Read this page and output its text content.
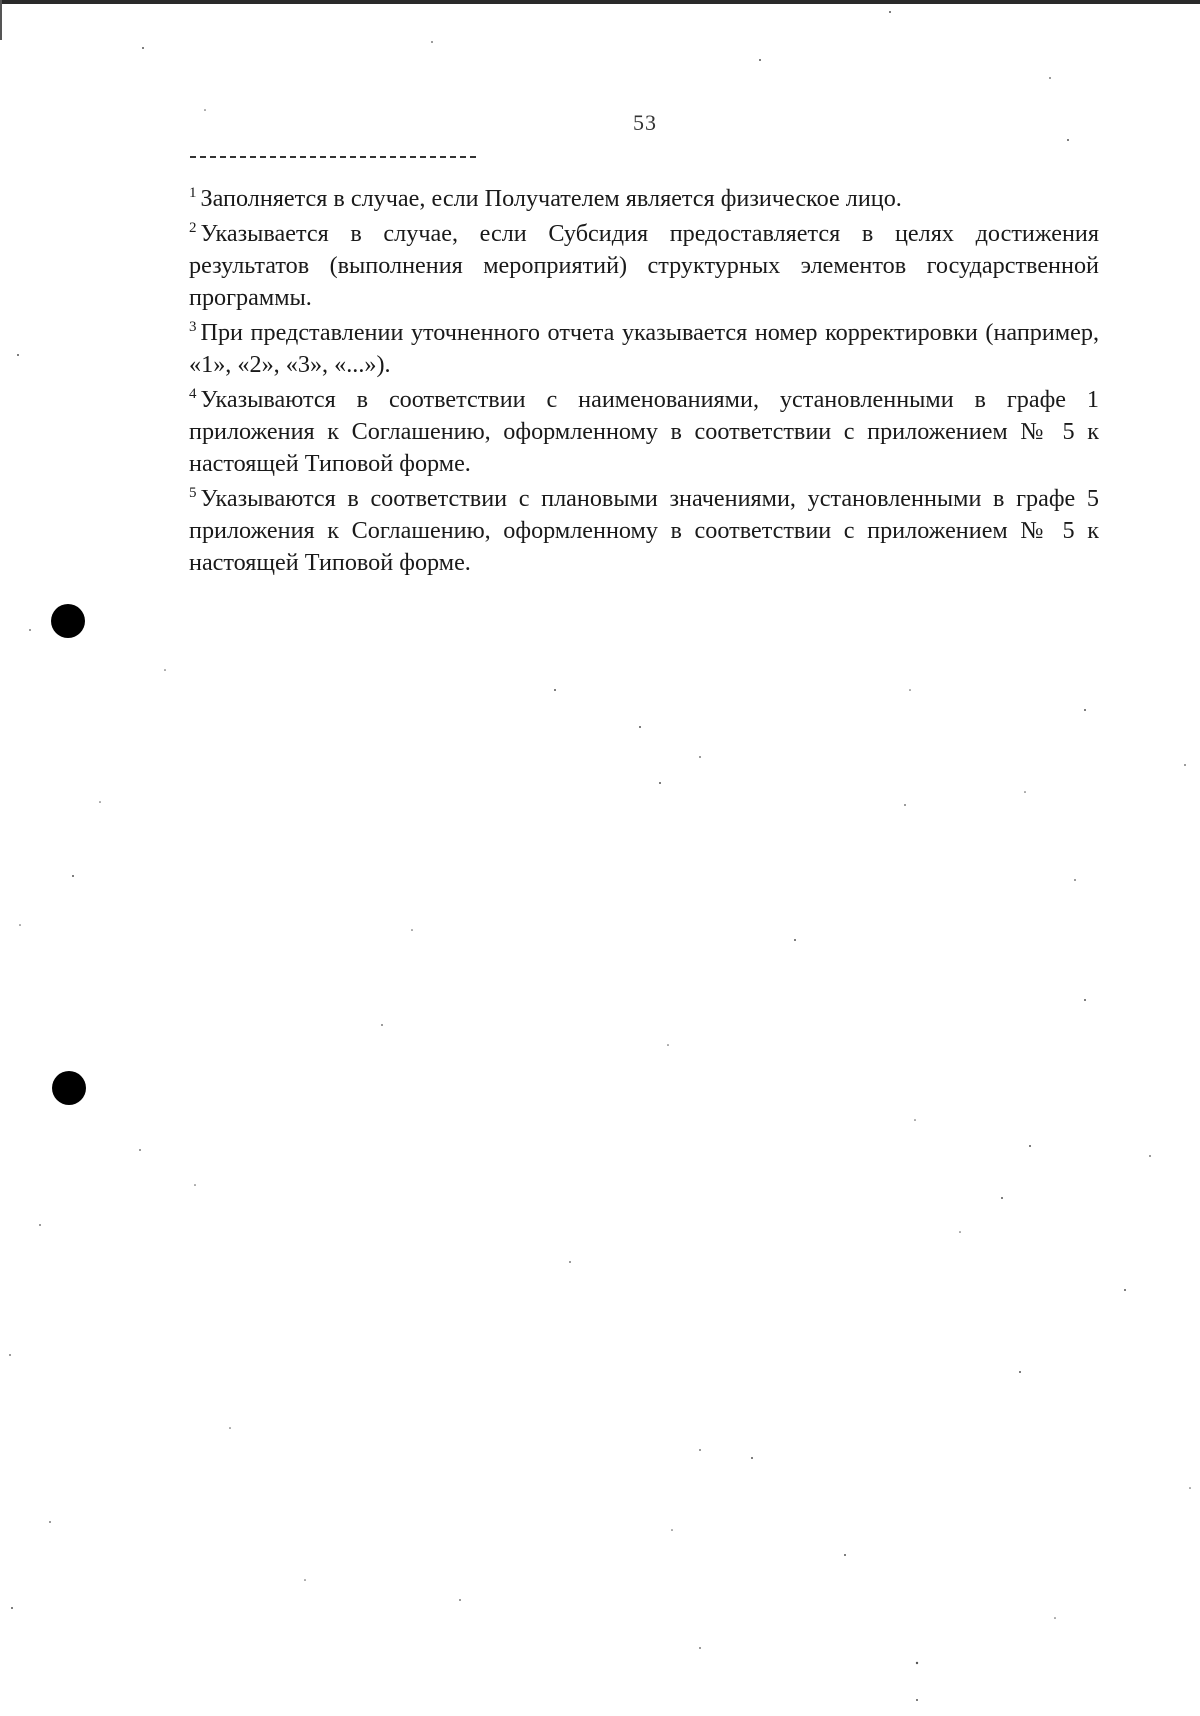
53

$^1$ Заполняется в случае, если Получателем является физическое лицо.

$^2$ Указывается в случае, если Субсидия предоставляется в целях достижения результатов (выполнения мероприятий) структурных элементов государственной программы.

$^3$ При представлении уточненного отчета указывается номер корректировки (например, «1», «2», «3», «...»).

$^4$ Указываются в соответствии с наименованиями, установленными в графе 1 приложения к Соглашению, оформленному в соответствии с приложением № 5 к настоящей Типовой форме.

$^5$ Указываются в соответствии с плановыми значениями, установленными в графе 5 приложения к Соглашению, оформленному в соответствии с приложением № 5 к настоящей Типовой форме.
